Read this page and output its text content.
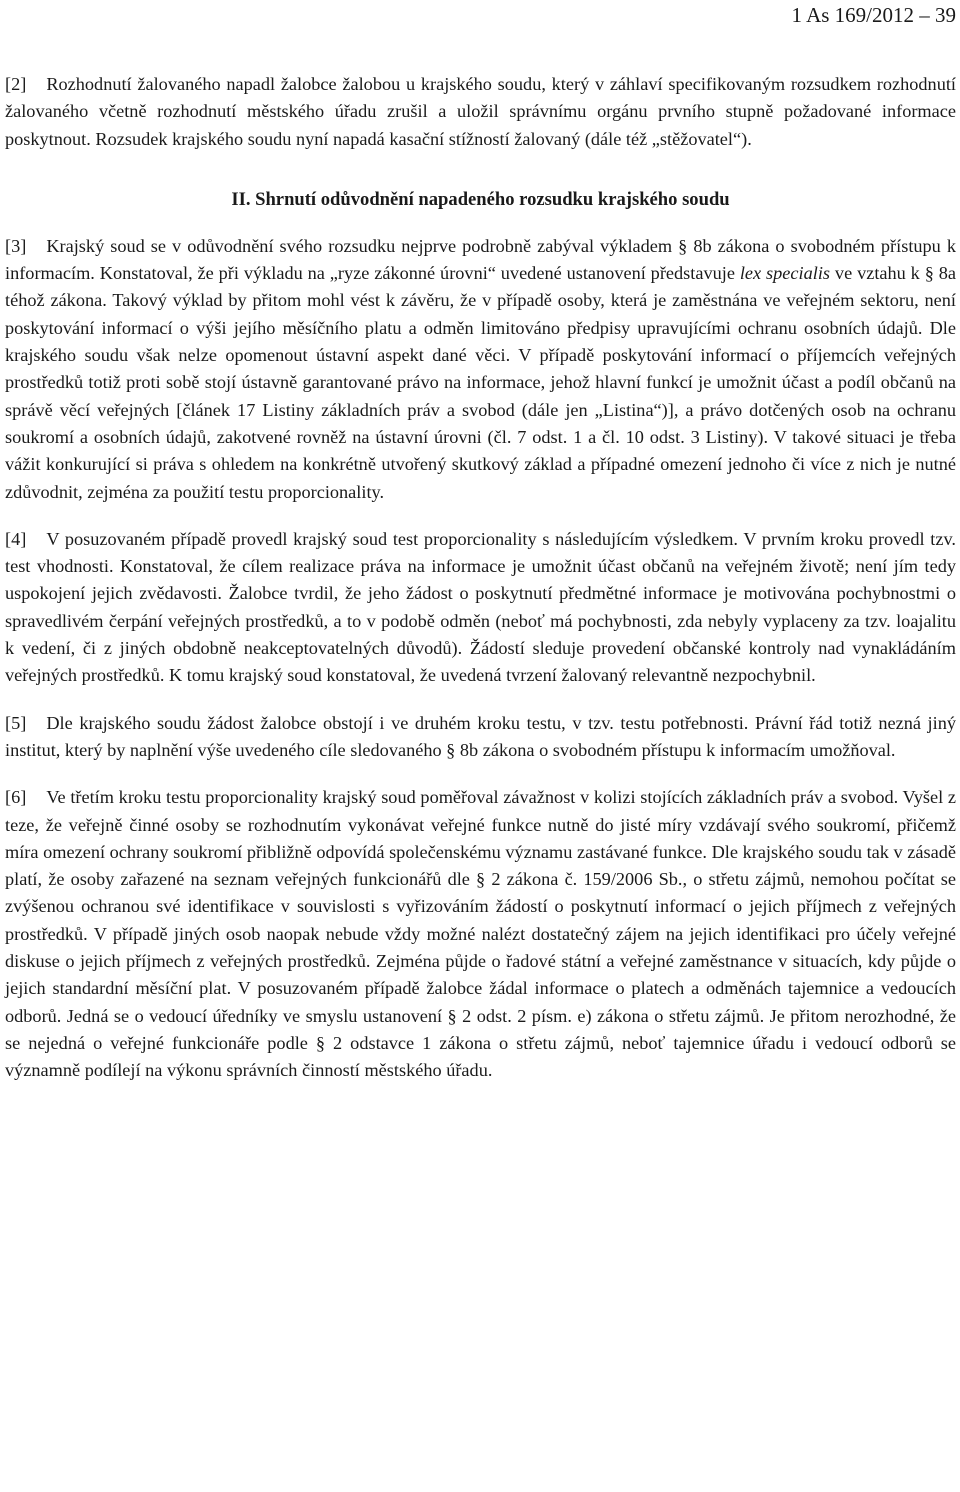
1 As 169/2012 – 39

[2] Rozhodnutí žalovaného napadl žalobce žalobou u krajského soudu, který v záhlaví specifikovaným rozsudkem rozhodnutí žalovaného včetně rozhodnutí městského úřadu zrušil a uložil správnímu orgánu prvního stupně požadované informace poskytnout. Rozsudek krajského soudu nyní napadá kasační stížností žalovaný (dále též „stěžovatel“).

II. Shrnutí odůvodnění napadeného rozsudku krajského soudu

[3] Krajský soud se v odůvodnění svého rozsudku nejprve podrobně zabýval výkladem § 8b zákona o svobodném přístupu k informacím. Konstatoval, že při výkladu na „ryze zákonné úrovni“ uvedené ustanovení představuje lex specialis ve vztahu k § 8a téhož zákona. Takový výklad by přitom mohl vést k závěru, že v případě osoby, která je zaměstnána ve veřejném sektoru, není poskytování informací o výši jejího měsíčního platu a odměn limitováno předpisy upravujícími ochranu osobních údajů. Dle krajského soudu však nelze opomenout ústavní aspekt dané věci. V případě poskytování informací o příjemcích veřejných prostředků totiž proti sobě stojí ústavně garantované právo na informace, jehož hlavní funkcí je umožnit účast a podíl občanů na správě věcí veřejných [článek 17 Listiny základních práv a svobod (dále jen „Listina“)], a právo dotčených osob na ochranu soukromí a osobních údajů, zakotvené rovněž na ústavní úrovni (čl. 7 odst. 1 a čl. 10 odst. 3 Listiny). V takové situaci je třeba vážit konkurující si práva s ohledem na konkrétně utvořený skutkový základ a případné omezení jednoho či více z nich je nutné zdůvodnit, zejména za použití testu proporcionality.

[4] V posuzovaném případě provedl krajský soud test proporcionality s následujícím výsledkem. V prvním kroku provedl tzv. test vhodnosti. Konstatoval, že cílem realizace práva na informace je umožnit účast občanů na veřejném životě; není jím tedy uspokojení jejich zvědavosti. Žalobce tvrdil, že jeho žádost o poskytnutí předmětné informace je motivována pochybnostmi o spravedlivém čerpání veřejných prostředků, a to v podobě odměn (neboť má pochybnosti, zda nebyly vyplaceny za tzv. loajalitu k vedení, či z jiných obdobně neakceptovatelných důvodů). Žádostí sleduje provedení občanské kontroly nad vynakládáním veřejných prostředků. K tomu krajský soud konstatoval, že uvedená tvrzení žalovaný relevantně nezpochybnil.

[5] Dle krajského soudu žádost žalobce obstojí i ve druhém kroku testu, v tzv. testu potřebnosti. Právní řád totiž nezná jiný institut, který by naplnění výše uvedeného cíle sledovaného § 8b zákona o svobodném přístupu k informacím umožňoval.

[6] Ve třetím kroku testu proporcionality krajský soud poměřoval závažnost v kolizi stojících základních práv a svobod. Vyšel z teze, že veřejně činné osoby se rozhodnutím vykonávat veřejné funkce nutně do jisté míry vzdávají svého soukromí, přičemž míra omezení ochrany soukromí přibližně odpovídá společenskému významu zastávané funkce. Dle krajského soudu tak v zásadě platí, že osoby zařazené na seznam veřejných funkcionářů dle § 2 zákona č. 159/2006 Sb., o střetu zájmů, nemohou počítat se zvýšenou ochranou své identifikace v souvislosti s vyřizováním žádostí o poskytnutí informací o jejich příjmech z veřejných prostředků. V případě jiných osob naopak nebude vždy možné nalézt dostatečný zájem na jejich identifikaci pro účely veřejné diskuse o jejich příjmech z veřejných prostředků. Zejména půjde o řadové státní a veřejné zaměstnance v situacích, kdy půjde o jejich standardní měsíční plat. V posuzovaném případě žalobce žádal informace o platech a odměnách tajemnice a vedoucích odborů. Jedná se o vedoucí úředníky ve smyslu ustanovení § 2 odst. 2 písm. e) zákona o střetu zájmů. Je přitom nerozhodné, že se nejedná o veřejné funkcionáře podle § 2 odstavce 1 zákona o střetu zájmů, neboť tajemnice úřadu i vedoucí odborů se významně podílejí na výkonu správních činností městského úřadu.
